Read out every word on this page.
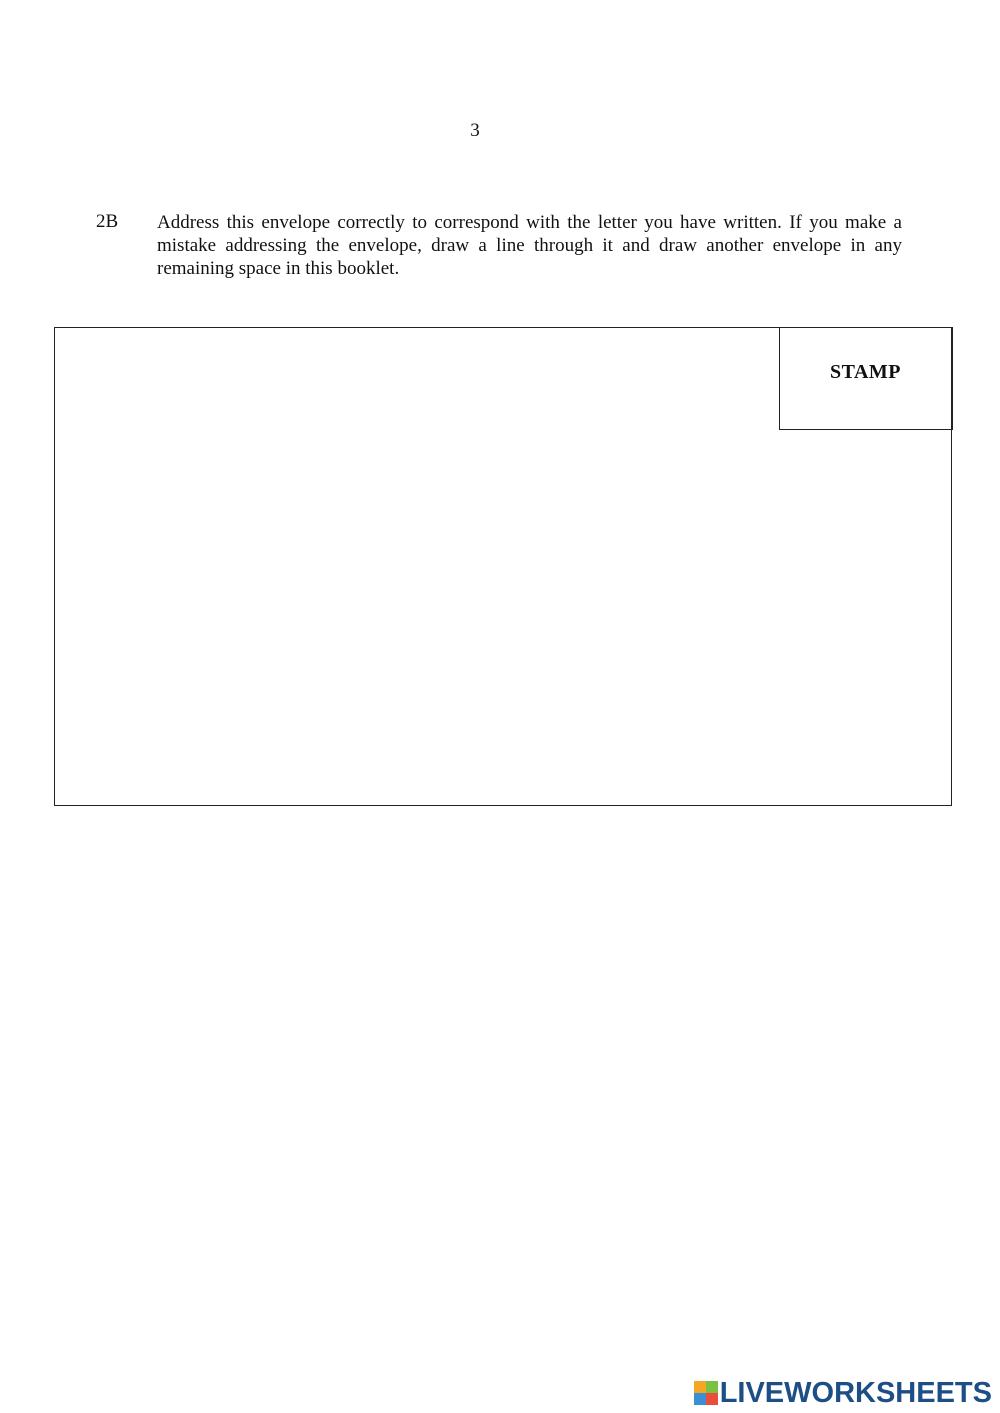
3
2B Address this envelope correctly to correspond with the letter you have written. If you make a mistake addressing the envelope, draw a line through it and draw another envelope in any remaining space in this booklet.
STAMP
LIVEWORKSHEETS
